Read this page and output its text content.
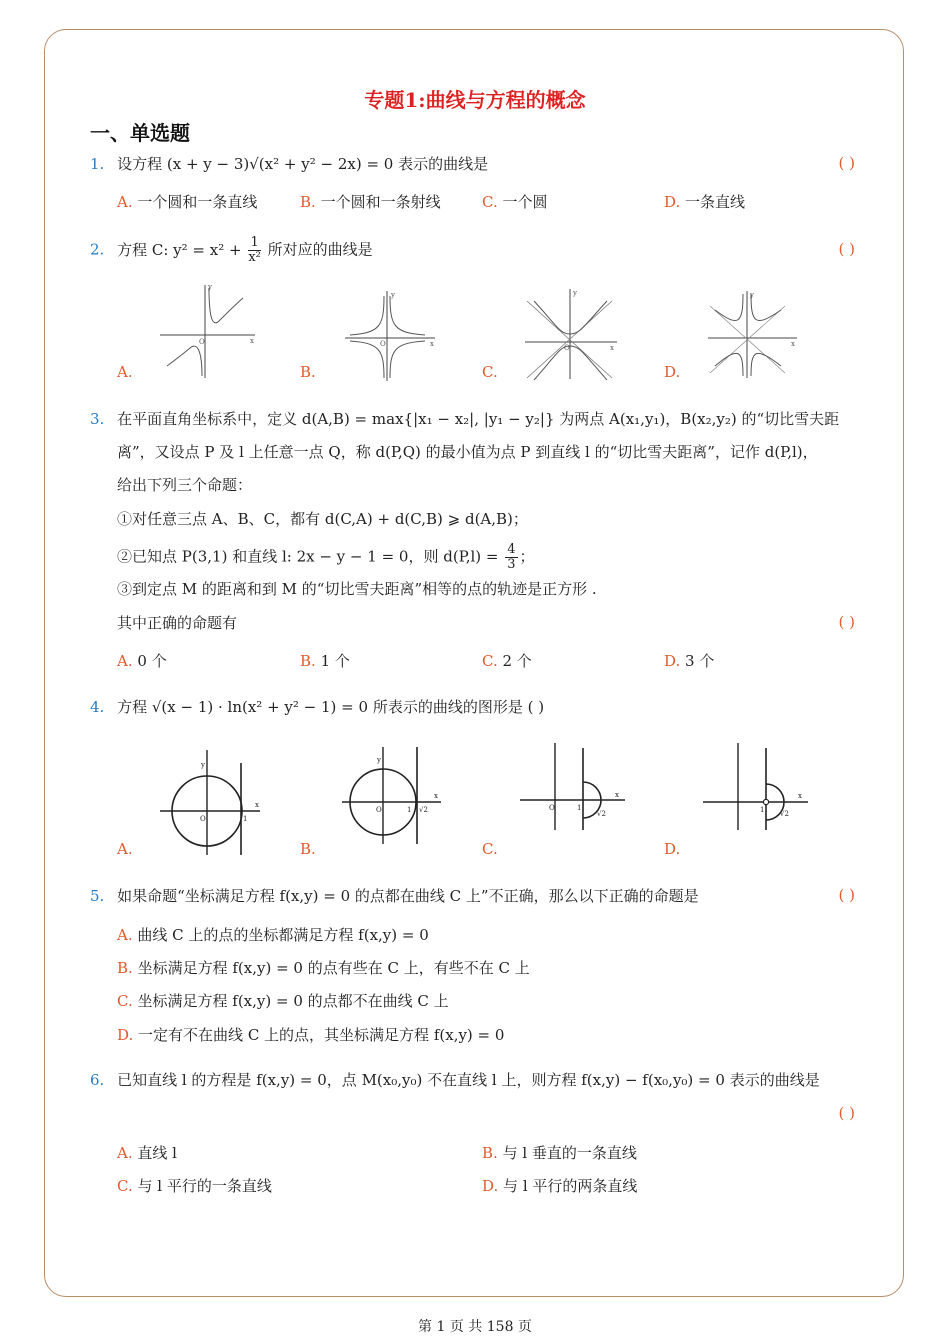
专题1:曲线与方程的概念
一、单选题
1. 设方程 (x + y − 3)√(x² + y² − 2x) = 0 表示的曲线是	( )
A. 一个圆和一条直线	B. 一个圆和一条射线	C. 一个圆	D. 一条直线
2. 方程 C: $y^2 = x^2 + \frac{1}{\text{x²}}$ 所对应的曲线是	( )
y
x
O
y
x
O
y
x
O
y
x
A.	B.	C.	D.
3. 在平面直角坐标系中，定义 d(A,B) = max{|x₁ − x₂|, |y₁ − y₂|} 为两点 A(x₁,y₁)，B(x₂,y₂) 的“切比雪夫距
离”，又设点 P 及 l 上任意一点 Q，称 d(P,Q) 的最小值为点 P 到直线 l 的“切比雪夫距离”，记作 d(P,l)，
给出下列三个命题：
①对任意三点 A、B、C，都有 d(C,A) + d(C,B) ⩾ d(A,B)；
②已知点 P(3,1) 和直线 l: 2x − y − 1 = 0，则 $d(P,l) = \frac{4}{3}$ ；
③到定点 M 的距离和到 M 的“切比雪夫距离”相等的点的轨迹是正方形 .
其中正确的命题有	( )
A. 0 个	B. 1 个	C. 2 个	D. 3 个
4. 方程 √(x − 1) · ln(x² + y² − 1) = 0 所表示的曲线的图形是 ( )
y
x
O	1
y
x
O	1 √2	O	1
√2
x
1 √2
x
A.	B.	C.	D.
5. 如果命题“坐标满足方程 f(x,y) = 0 的点都在曲线 C 上”不正确，那么以下正确的命题是	( )
A. 曲线 C 上的点的坐标都满足方程 f(x,y) = 0
B. 坐标满足方程 f(x,y) = 0 的点有些在 C 上，有些不在 C 上
C. 坐标满足方程 f(x,y) = 0 的点都不在曲线 C 上
D. 一定有不在曲线 C 上的点，其坐标满足方程 f(x,y) = 0
6. 已知直线 l 的方程是 f(x,y) = 0，点 M(x₀,y₀) 不在直线 l 上，则方程 f(x,y) − f(x₀,y₀) = 0 表示的曲线是
( )
A. 直线 l	B. 与 l 垂直的一条直线
C. 与 l 平行的一条直线	D. 与 l 平行的两条直线
第 1 页 共 158 页
